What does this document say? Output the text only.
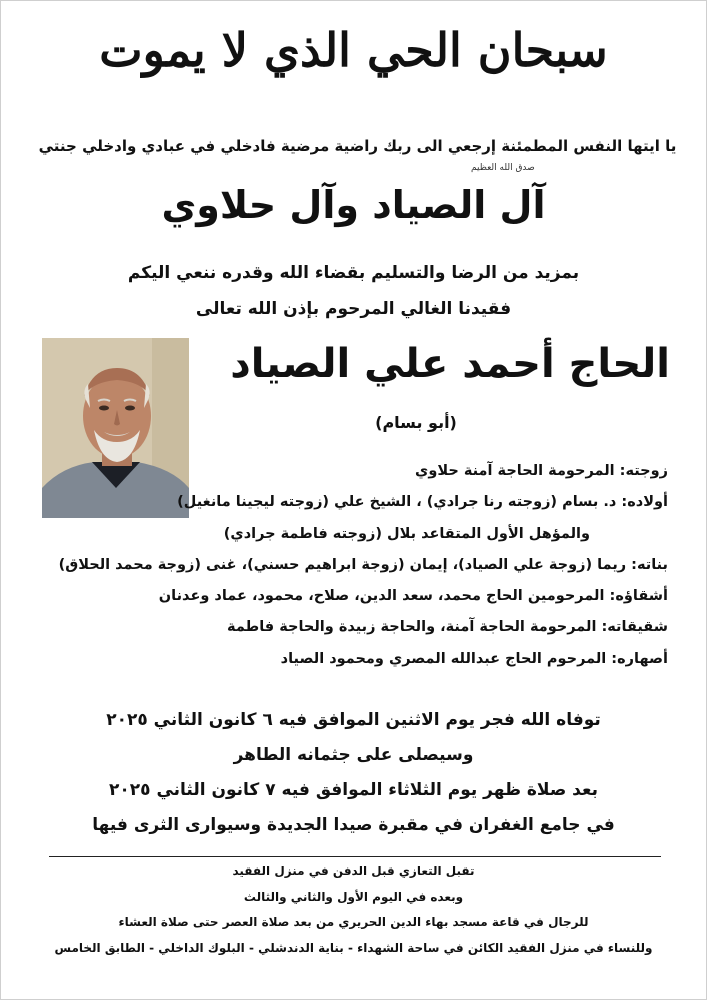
سبحان الحي الذي لا يموت
يا ايتها النفس المطمئنة إرجعي الى ربك راضية مرضية فادخلي في عبادي وادخلي جنتي
صدق الله العظيم
آل الصياد وآل حلاوي
بمزيد من الرضا والتسليم بقضاء الله وقدره ننعي اليكم
فقيدنا الغالي المرحوم بإذن الله تعالى
الحاج أحمد علي الصياد
(أبو بسام)
زوجته: المرحومة الحاجة آمنة حلاوي
أولاده: د. بسام (زوجته رنا جرادي) ، الشيخ علي (زوجته ليجينا مانغيل)
والمؤهل الأول المتقاعد بلال (زوجته فاطمة جرادي)
بناته: ريما (زوجة علي الصياد)، إيمان (زوجة ابراهيم حسني)، غنى (زوجة محمد الحلاق)
أشقاؤه: المرحومين الحاج محمد، سعد الدين، صلاح، محمود، عماد وعدنان
شقيقاته: المرحومة الحاجة آمنة، والحاجة زبيدة والحاجة فاطمة
أصهاره: المرحوم الحاج عبدالله المصري ومحمود الصياد
توفاه الله فجر يوم الاثنين الموافق فيه ٦ كانون الثاني ٢٠٢٥
وسيصلى على جثمانه الطاهر
بعد صلاة ظهر يوم الثلاثاء الموافق فيه ٧ كانون الثاني ٢٠٢٥
في جامع الغفران في مقبرة صيدا الجديدة وسيوارى الثرى فيها
تقبل التعازي قبل الدفن في منزل الفقيد
وبعده في اليوم الأول والثاني والثالث
للرجال في قاعة مسجد بهاء الدين الحريري من بعد صلاة العصر حتى صلاة العشاء
وللنساء في منزل الفقيد الكائن في ساحة الشهداء - بناية الدندشلي - البلوك الداخلي - الطابق الخامس
